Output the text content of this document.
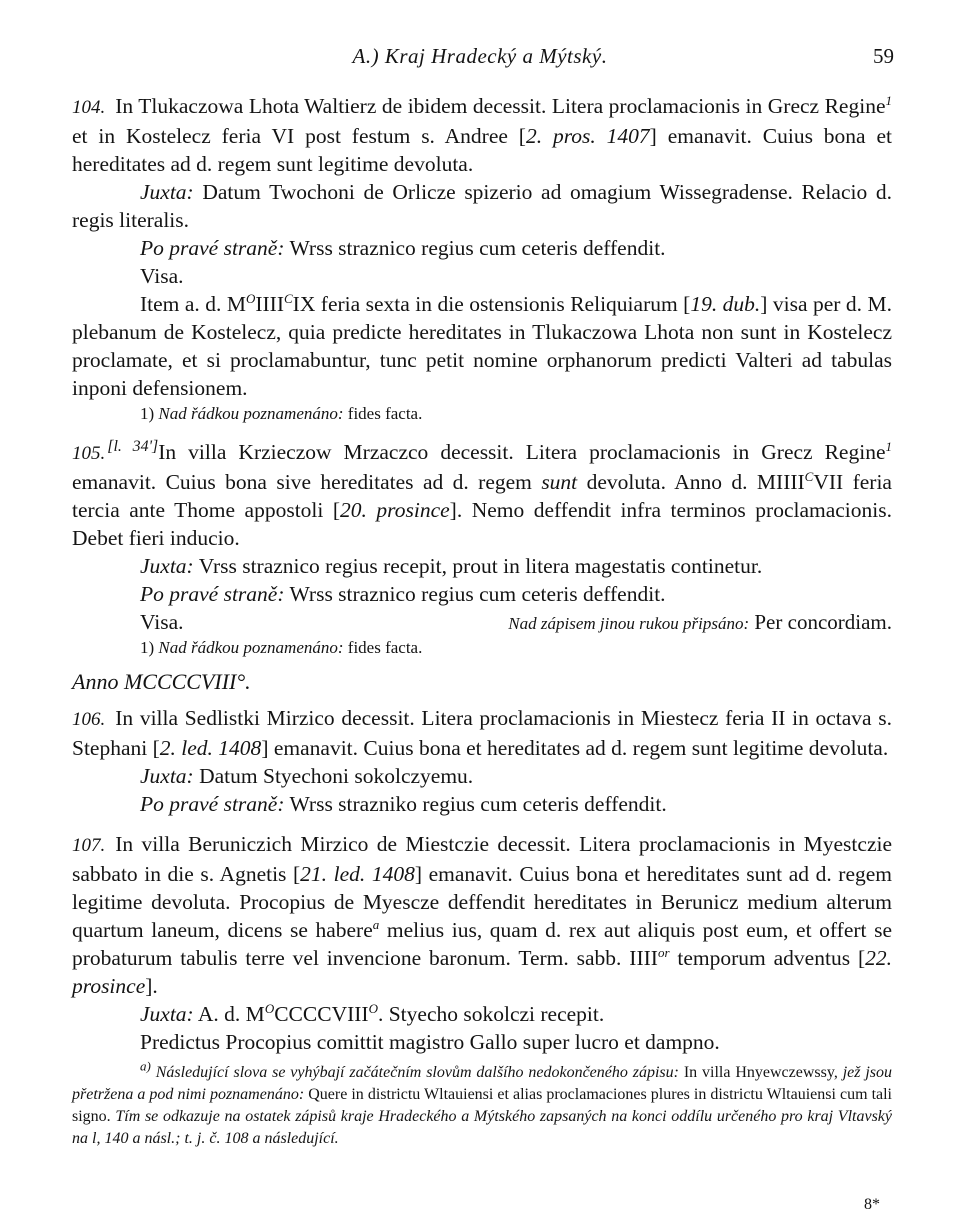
A.) Kraj Hradecký a Mýtský.	59

104. In Tlukaczowa Lhota Waltierz de ibidem decessit. Litera proclamacionis in Grecz Regine$^1$ et in Kostelecz feria VI post festum s. Andree [2. pros. 1407] emanavit. Cuius bona et hereditates ad d. regem sunt legitime devoluta.

Juxta: Datum Twochoni de Orlicze spizerio ad omagium Wissegradense. Relacio d. regis literalis.

Po pravé straně: Wrss straznico regius cum ceteris deffendit.

Visa.

Item a. d. $M^OIIII^CIX$ feria sexta in die ostensionis Reliquiarum [19. dub.] visa per d. M. plebanum de Kostelecz, quia predicte hereditates in Tlukaczowa Lhota non sunt in Kostelecz proclamate, et si proclamabuntur, tunc petit nomine orphanorum predicti Valteri ad tabulas inponi defensionem.

1) Nad řádkou poznamenáno: fides facta.

105. [l. 34']In villa Krzieczow Mrzaczco decessit. Litera proclamacionis in Grecz Regine$^1$ emanavit. Cuius bona sive hereditates ad d. regem sunt devoluta. Anno d. $MIIII^CVII$ feria tercia ante Thome appostoli [20. prosince]. Nemo deffendit infra terminos proclamacionis. Debet fieri inducio.

Juxta: Vrss straznico regius recepit, prout in litera magestatis continetur.

Po pravé straně: Wrss straznico regius cum ceteris deffendit.

Visa.	Nad zápisem jinou rukou připsáno: Per concordiam.

1) Nad řádkou poznamenáno: fides facta.

Anno MCCCCVIII°.

106. In villa Sedlistki Mirzico decessit. Litera proclamacionis in Miestecz feria II in octava s. Stephani [2. led. 1408] emanavit. Cuius bona et hereditates ad d. regem sunt legitime devoluta.

Juxta: Datum Styechoni sokolczyemu.

Po pravé straně: Wrss strazniko regius cum ceteris deffendit.

107. In villa Beruniczich Mirzico de Miestczie decessit. Litera proclamacionis in Myestczie sabbato in die s. Agnetis [21. led. 1408] emanavit. Cuius bona et hereditates sunt ad d. regem legitime devoluta. Procopius de Myescze deffendit hereditates in Berunicz medium alterum quartum laneum, dicens se habere$^a$ melius ius, quam d. rex aut aliquis post eum, et offert se probaturum tabulis terre vel invencione baronum. Term. sabb. $IIII^{or}$ temporum adventus [22. prosince].

Juxta: A. d. $M^OCCCCVIII^O$. Styecho sokolczi recepit.

Predictus Procopius comittit magistro Gallo super lucro et dampno.

$^{a)}$ Následující slova se vyhýbají začátečním slovům dalšího nedokončeného zápisu: In villa Hnyewczewssy, jež jsou přetržena a pod nimi poznamenáno: Quere in districtu Wltauiensi et alias proclamaciones plures in districtu Wltauiensi cum tali signo. Tím se odkazuje na ostatek zápisů kraje Hradeckého a Mýtského zapsaných na konci oddílu určeného pro kraj Vltavský na l, 140 a násl.; t. j. č. 108 a následující.

8*
